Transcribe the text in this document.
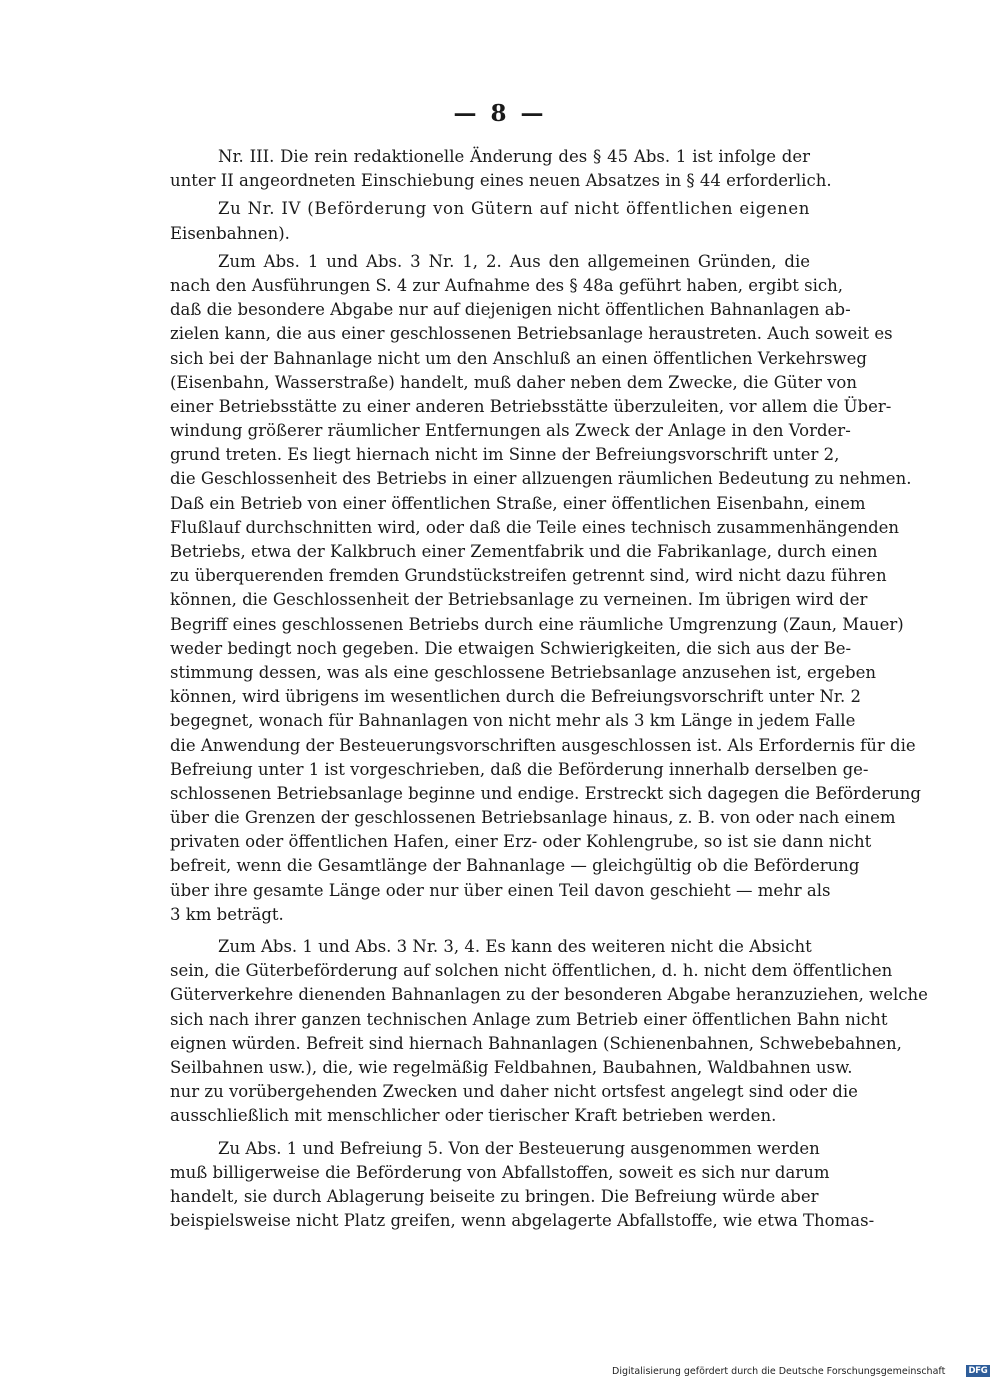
— 8 —
Nr. III. Die rein redaktionelle Änderung des § 45 Abs. 1 ist infolge der
unter II angeordneten Einschiebung eines neuen Absatzes in § 44 erforderlich.
Zu Nr. IV (Beförderung von Gütern auf nicht öffentlichen eigenen
Eisenbahnen).
Zum Abs. 1 und Abs. 3 Nr. 1, 2. Aus den allgemeinen Gründen, die
nach den Ausführungen S. 4 zur Aufnahme des § 48a geführt haben, ergibt sich,
daß die besondere Abgabe nur auf diejenigen nicht öffentlichen Bahnanlagen ab-
zielen kann, die aus einer geschlossenen Betriebsanlage heraustreten. Auch soweit es
sich bei der Bahnanlage nicht um den Anschluß an einen öffentlichen Verkehrsweg
(Eisenbahn, Wasserstraße) handelt, muß daher neben dem Zwecke, die Güter von
einer Betriebsstätte zu einer anderen Betriebsstätte überzuleiten, vor allem die Über-
windung größerer räumlicher Entfernungen als Zweck der Anlage in den Vorder-
grund treten. Es liegt hiernach nicht im Sinne der Befreiungsvorschrift unter 2,
die Geschlossenheit des Betriebs in einer allzuengen räumlichen Bedeutung zu nehmen.
Daß ein Betrieb von einer öffentlichen Straße, einer öffentlichen Eisenbahn, einem
Flußlauf durchschnitten wird, oder daß die Teile eines technisch zusammenhängenden
Betriebs, etwa der Kalkbruch einer Zementfabrik und die Fabrikanlage, durch einen
zu überquerenden fremden Grundstückstreifen getrennt sind, wird nicht dazu führen
können, die Geschlossenheit der Betriebsanlage zu verneinen. Im übrigen wird der
Begriff eines geschlossenen Betriebs durch eine räumliche Umgrenzung (Zaun, Mauer)
weder bedingt noch gegeben. Die etwaigen Schwierigkeiten, die sich aus der Be-
stimmung dessen, was als eine geschlossene Betriebsanlage anzusehen ist, ergeben
können, wird übrigens im wesentlichen durch die Befreiungsvorschrift unter Nr. 2
begegnet, wonach für Bahnanlagen von nicht mehr als 3 km Länge in jedem Falle
die Anwendung der Besteuerungsvorschriften ausgeschlossen ist. Als Erfordernis für die
Befreiung unter 1 ist vorgeschrieben, daß die Beförderung innerhalb derselben ge-
schlossenen Betriebsanlage beginne und endige. Erstreckt sich dagegen die Beförderung
über die Grenzen der geschlossenen Betriebsanlage hinaus, z. B. von oder nach einem
privaten oder öffentlichen Hafen, einer Erz- oder Kohlengrube, so ist sie dann nicht
befreit, wenn die Gesamtlänge der Bahnanlage — gleichgültig ob die Beförderung
über ihre gesamte Länge oder nur über einen Teil davon geschieht — mehr als
3 km beträgt.
Zum Abs. 1 und Abs. 3 Nr. 3, 4. Es kann des weiteren nicht die Absicht
sein, die Güterbeförderung auf solchen nicht öffentlichen, d. h. nicht dem öffentlichen
Güterverkehre dienenden Bahnanlagen zu der besonderen Abgabe heranzuziehen, welche
sich nach ihrer ganzen technischen Anlage zum Betrieb einer öffentlichen Bahn nicht
eignen würden. Befreit sind hiernach Bahnanlagen (Schienenbahnen, Schwebebahnen,
Seilbahnen usw.), die, wie regelmäßig Feldbahnen, Baubahnen, Waldbahnen usw.
nur zu vorübergehenden Zwecken und daher nicht ortsfest angelegt sind oder die
ausschließlich mit menschlicher oder tierischer Kraft betrieben werden.
Zu Abs. 1 und Befreiung 5. Von der Besteuerung ausgenommen werden
muß billigerweise die Beförderung von Abfallstoffen, soweit es sich nur darum
handelt, sie durch Ablagerung beiseite zu bringen. Die Befreiung würde aber
beispielsweise nicht Platz greifen, wenn abgelagerte Abfallstoffe, wie etwa Thomas-
Digitalisierung gefördert durch die Deutsche Forschungsgemeinschaft	DFG
